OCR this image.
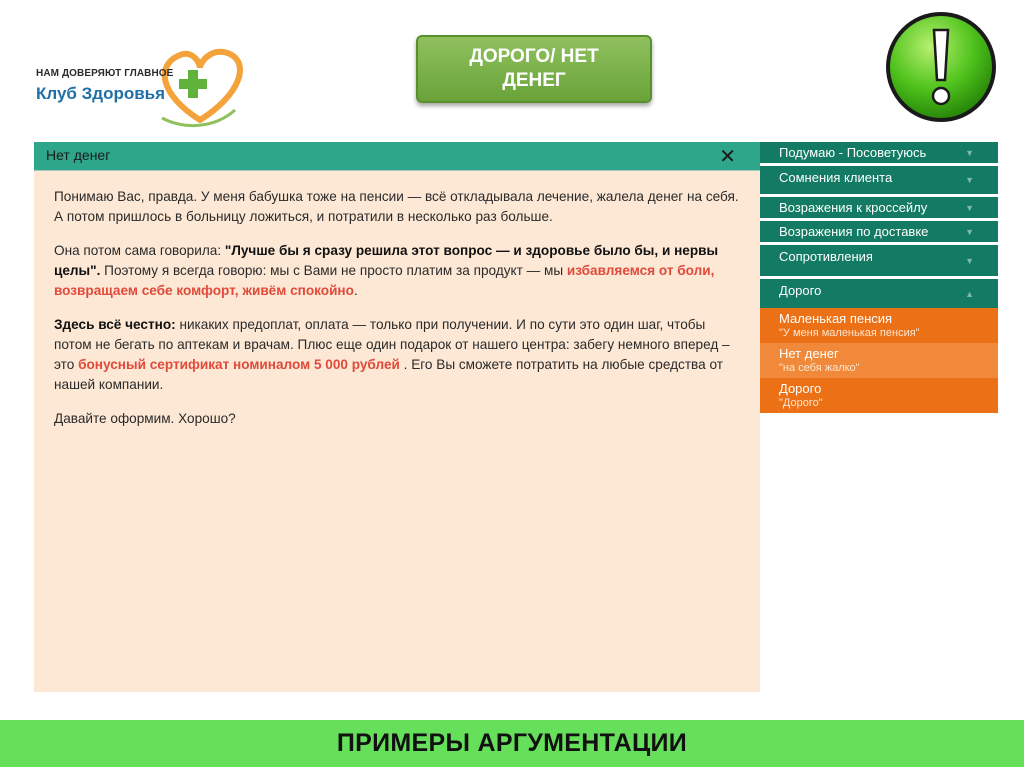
НАМ ДОВЕРЯЮТ ГЛАВНОЕ
Клуб Здоровья
ДОРОГО/ НЕТ ДЕНЕГ
Нет денег	✕

Понимаю Вас, правда. У меня бабушка тоже на пенсии — всё откладывала лечение, жалела денег на себя. А потом пришлось в больницу ложиться, и потратили в несколько раз больше.

Она потом сама говорила: "Лучше бы я сразу решила этот вопрос — и здоровье было бы, и нервы целы". Поэтому я всегда говорю: мы с Вами не просто платим за продукт — мы избавляемся от боли, возвращаем себе комфорт, живём спокойно.

Здесь всё честно: никаких предоплат, оплата — только при получении. И по сути это один шаг, чтобы потом не бегать по аптекам и врачам. Плюс еще один подарок от нашего центра: забегу немного вперед – это бонусный сертификат номиналом 5 000 рублей . Его Вы сможете потратить на любые средства от нашей компании.

Давайте оформим. Хорошо?

Подумаю - Посоветуюсь	▼
Сомнения клиента	▼
Возражения к кроссейлу	▼
Возражения по доставке	▼
Сопротивления	▼
Дорого	▲
Маленькая пенсия
"У меня маленькая пенсия"
Нет денег
"на себя жалко"
Дорого
"Дорого"
ПРИМЕРЫ АРГУМЕНТАЦИИ
